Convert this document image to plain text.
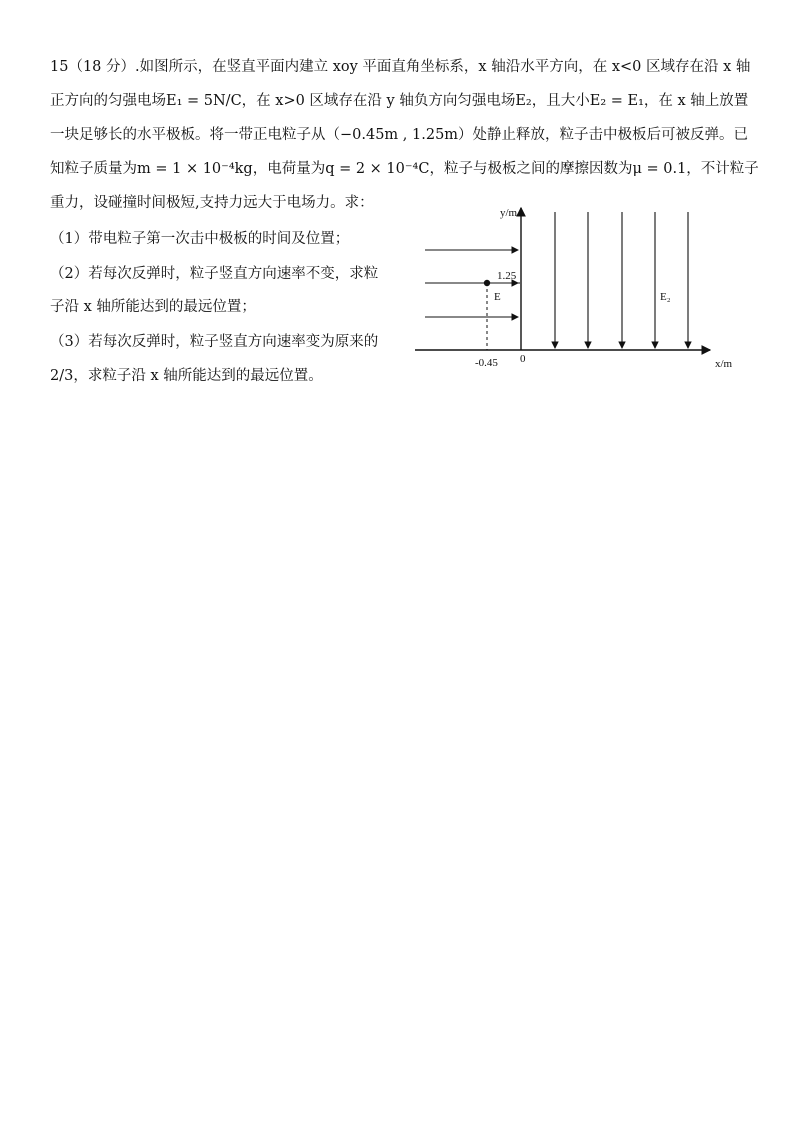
15（18 分）.如图所示，在竖直平面内建立 xoy 平面直角坐标系，x 轴沿水平方向，在 x<0 区域存在沿 x 轴
正方向的匀强电场E₁ = 5N/C，在 x>0 区域存在沿 y 轴负方向匀强电场E₂，且大小E₂ = E₁，在 x 轴上放置
一块足够长的水平极板。将一带正电粒子从（−0.45m , 1.25m）处静止释放，粒子击中极板后可被反弹。已
知粒子质量为m = 1 × 10⁻⁴kg，电荷量为q = 2 × 10⁻⁴C，粒子与极板之间的摩擦因数为μ = 0.1，不计粒子
重力，设碰撞时间极短,支持力远大于电场力。求：
（1）带电粒子第一次击中极板的时间及位置；
（2）若每次反弹时，粒子竖直方向速率不变，求粒
子沿 x 轴所能达到的最远位置；
（3）若每次反弹时，粒子竖直方向速率变为原来的
2/3，求粒子沿 x 轴所能达到的最远位置。
y/m
x/m
1.25
-0.45 0
E	E₂
